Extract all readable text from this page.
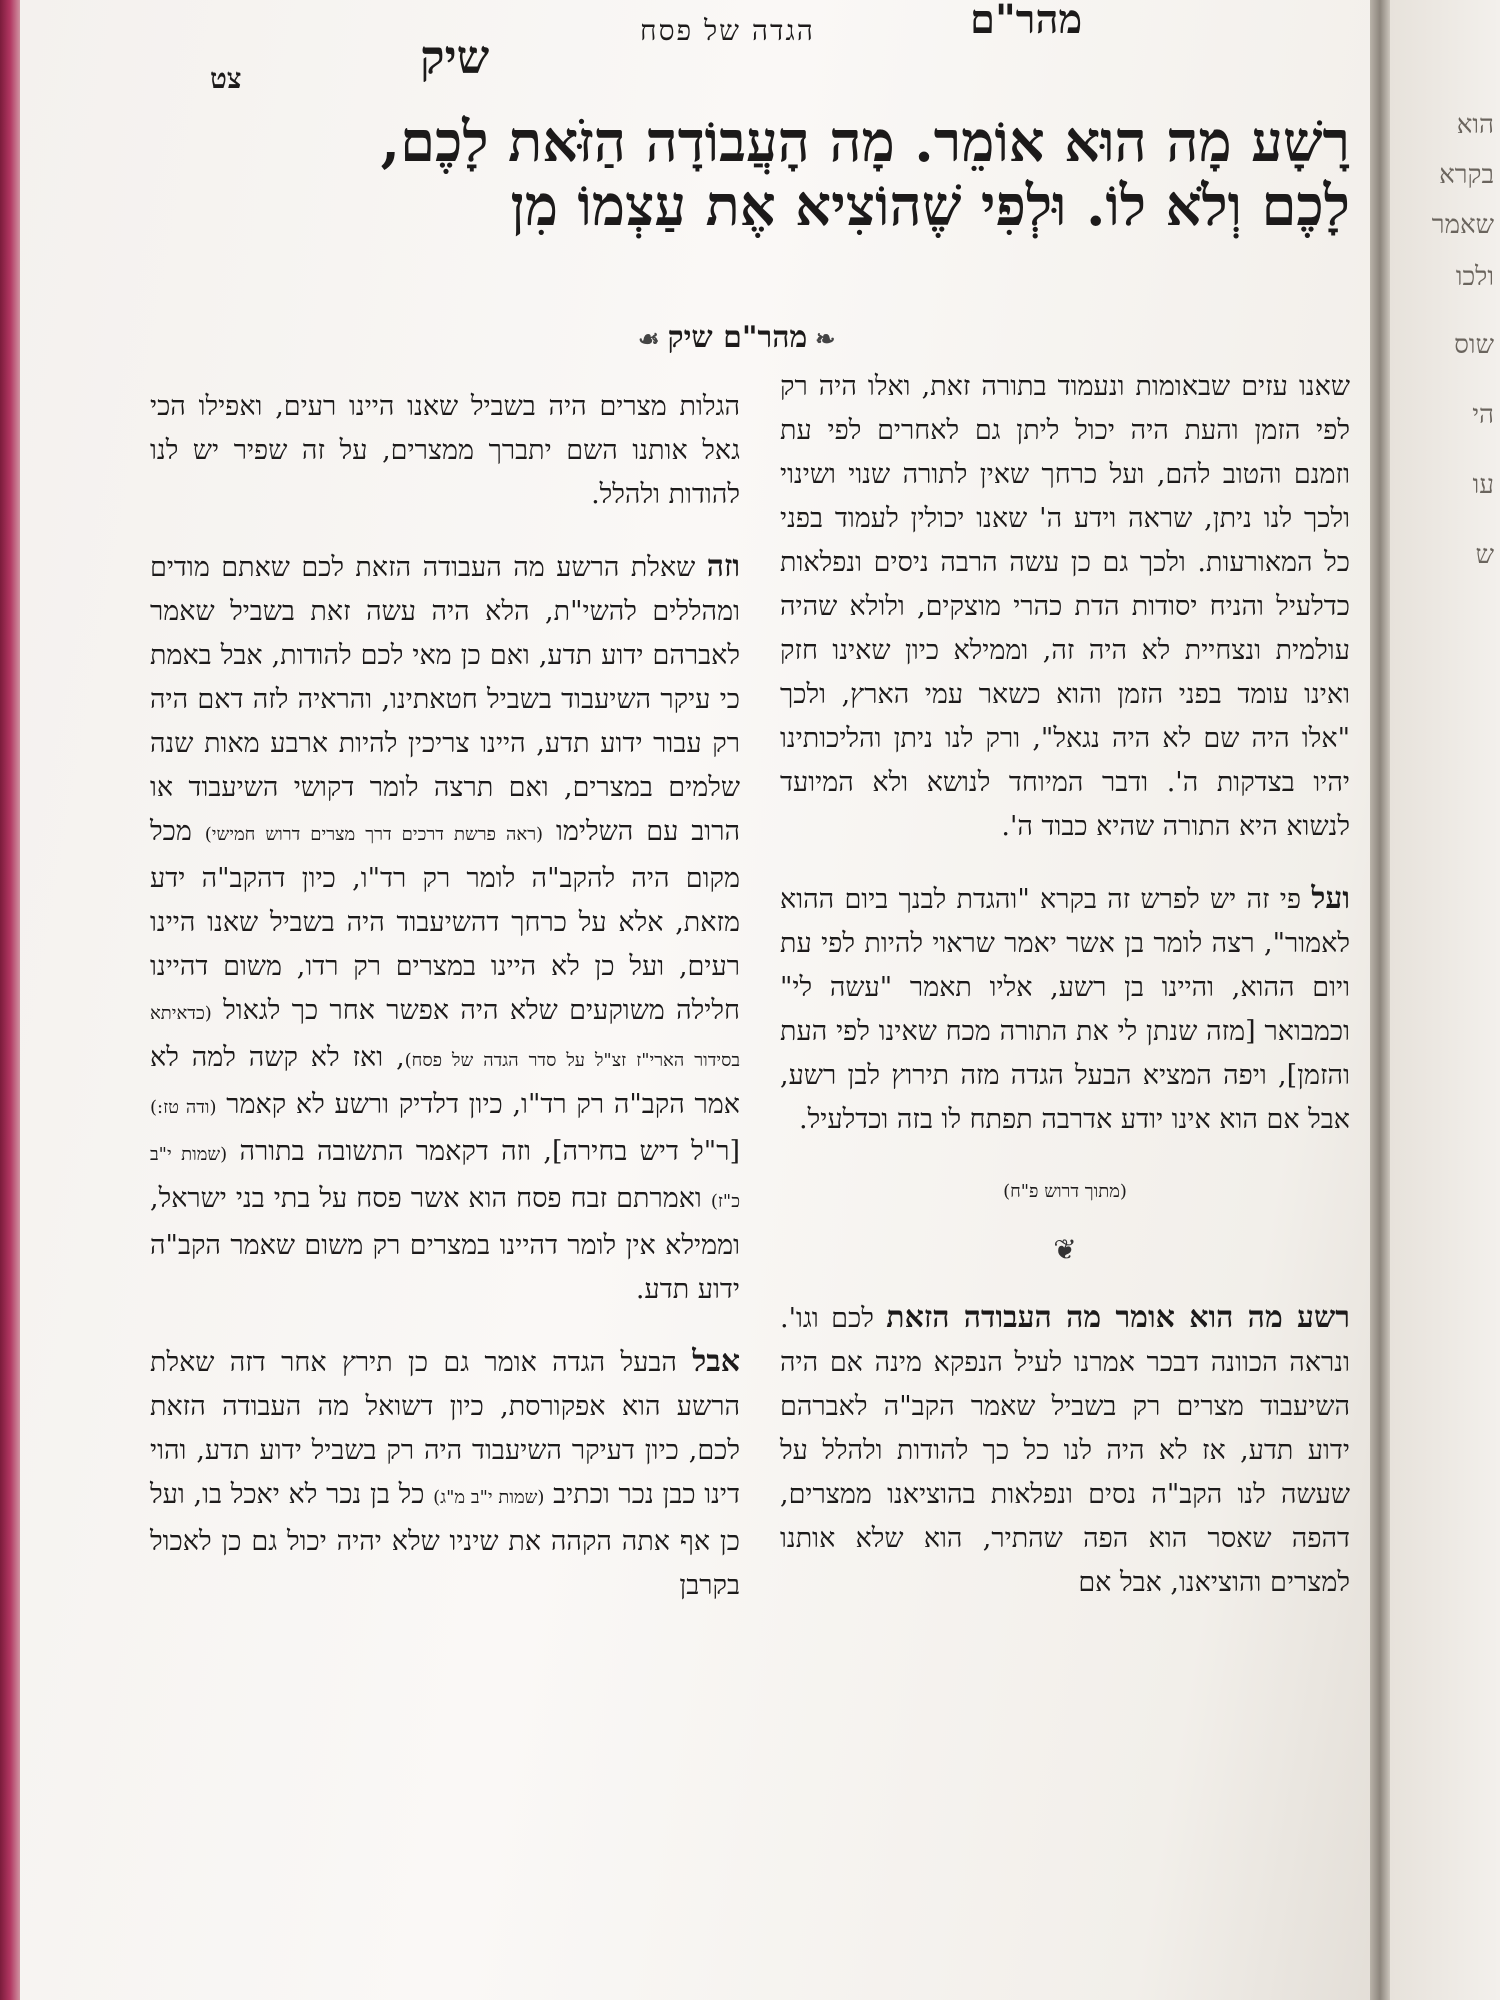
מהר"ם
הגדה של פסח
שיק
צט
רָשָׁע מָה הוּא אוֹמֵר. מָה הָעֲבוֹדָה הַזֹּאת לָכֶם,
לָכֶם וְלֹא לוֹ. וּלְפִי שֶׁהוֹצִיא אֶת עַצְמוֹ מִן
❧מהר"ם שיק☙

שאנו עזים שבאומות ונעמוד בתורה זאת, ואלו היה רק לפי הזמן והעת היה יכול ליתן גם לאחרים לפי עת וזמנם והטוב להם, ועל כרחך שאין לתורה שנוי ושינוי ולכך לנו ניתן, שראה וידע ה' שאנו יכולין לעמוד בפני כל המאורעות. ולכך גם כן עשה הרבה ניסים ונפלאות כדלעיל והניח יסודות הדת כהרי מוצקים, ולולא שהיה עולמית ונצחיית לא היה זה, וממילא כיון שאינו חזק ואינו עומד בפני הזמן והוא כשאר עמי הארץ, ולכך "אלו היה שם לא היה נגאל", ורק לנו ניתן והליכותינו יהיו בצדקות ה'. ודבר המיוחד לנושא ולא המיועד לנשוא היא התורה שהיא כבוד ה'.

ועל פי זה יש לפרש זה בקרא "והגדת לבנך ביום ההוא לאמור", רצה לומר בן אשר יאמר שראוי להיות לפי עת ויום ההוא, והיינו בן רשע, אליו תאמר "עשה לי" וכמבואר [מזה שנתן לי את התורה מכח שאינו לפי העת והזמן], ויפה המציא הבעל הגדה מזה תירוץ לבן רשע, אבל אם הוא אינו יודע אדרבה תפתח לו בזה וכדלעיל.

(מתוך דרוש פ"ח)
❦

רשע מה הוא אומר מה העבודה הזאת לכם וגו'. ונראה הכוונה דבכר אמרנו לעיל הנפקא מינה אם היה השיעבוד מצרים רק בשביל שאמר הקב"ה לאברהם ידוע תדע, אז לא היה לנו כל כך להודות ולהלל על שעשה לנו הקב"ה נסים ונפלאות בהוציאנו ממצרים, דהפה שאסר הוא הפה שהתיר, הוא שלא אותנו למצרים והוציאנו, אבל אם

הגלות מצרים היה בשביל שאנו היינו רעים, ואפילו הכי גאל אותנו השם יתברך ממצרים, על זה שפיר יש לנו להודות ולהלל.

וזה שאלת הרשע מה העבודה הזאת לכם שאתם מודים ומהללים להשי"ת, הלא היה עשה זאת בשביל שאמר לאברהם ידוע תדע, ואם כן מאי לכם להודות, אבל באמת כי עיקר השיעבוד בשביל חטאתינו, והראיה לזה דאם היה רק עבור ידוע תדע, היינו צריכין להיות ארבע מאות שנה שלמים במצרים, ואם תרצה לומר דקושי השיעבוד או הרוב עם השלימו (ראה פרשת דרכים דרך מצרים דרוש חמישי) מכל מקום היה להקב"ה לומר רק רד"ו, כיון דהקב"ה ידע מזאת, אלא על כרחך דהשיעבוד היה בשביל שאנו היינו רעים, ועל כן לא היינו במצרים רק רדו, משום דהיינו חלילה משוקעים שלא היה אפשר אחר כך לגאול (כדאיתא בסידור הארי"ז זצ"ל על סדר הגדה של פסח), ואז לא קשה למה לא אמר הקב"ה רק רד"ו, כיון דלדיק ורשע לא קאמר (ודה טז:) [ר"ל דיש בחירה], וזה דקאמר התשובה בתורה (שמות י"ב כ"ז) ואמרתם זבח פסח הוא אשר פסח על בתי בני ישראל, וממילא אין לומר דהיינו במצרים רק משום שאמר הקב"ה ידוע תדע.

אבל הבעל הגדה אומר גם כן תירץ אחר דזה שאלת הרשע הוא אפקורסת, כיון דשואל מה העבודה הזאת לכם, כיון דעיקר השיעבוד היה רק בשביל ידוע תדע, והוי דינו כבן נכר וכתיב (שמות י"ב מ"ג) כל בן נכר לא יאכל בו, ועל כן אף אתה הקהה את שיניו שלא יהיה יכול גם כן לאכול בקרבן

הוא
בקרא
שאמר
ולכו
שוס
הי
עו
ש
